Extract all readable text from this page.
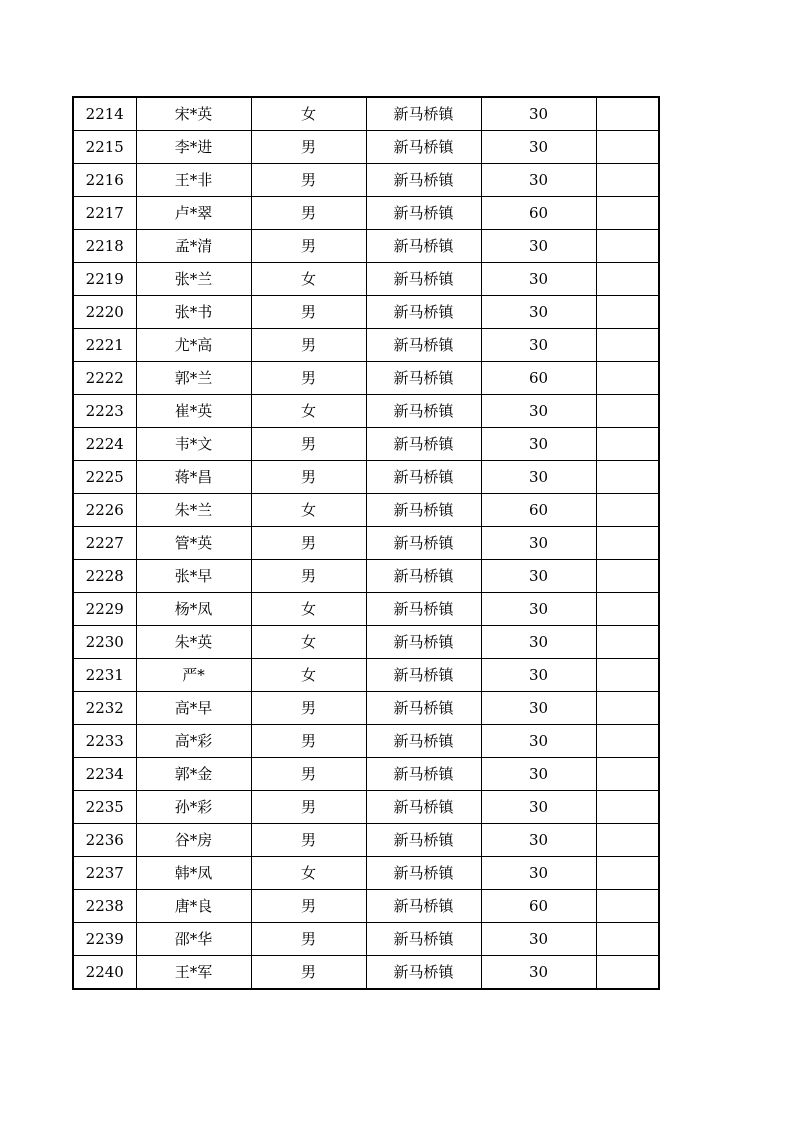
2214	宋*英	女	新马桥镇	30	
2215	李*进	男	新马桥镇	30	
2216	王*非	男	新马桥镇	30	
2217	卢*翠	男	新马桥镇	60	
2218	孟*清	男	新马桥镇	30	
2219	张*兰	女	新马桥镇	30	
2220	张*书	男	新马桥镇	30	
2221	尤*高	男	新马桥镇	30	
2222	郭*兰	男	新马桥镇	60	
2223	崔*英	女	新马桥镇	30	
2224	韦*文	男	新马桥镇	30	
2225	蒋*昌	男	新马桥镇	30	
2226	朱*兰	女	新马桥镇	60	
2227	管*英	男	新马桥镇	30	
2228	张*早	男	新马桥镇	30	
2229	杨*凤	女	新马桥镇	30	
2230	朱*英	女	新马桥镇	30	
2231	严*	女	新马桥镇	30	
2232	高*早	男	新马桥镇	30	
2233	高*彩	男	新马桥镇	30	
2234	郭*金	男	新马桥镇	30	
2235	孙*彩	男	新马桥镇	30	
2236	谷*房	男	新马桥镇	30	
2237	韩*凤	女	新马桥镇	30	
2238	唐*良	男	新马桥镇	60	
2239	邵*华	男	新马桥镇	30	
2240	王*军	男	新马桥镇	30	
